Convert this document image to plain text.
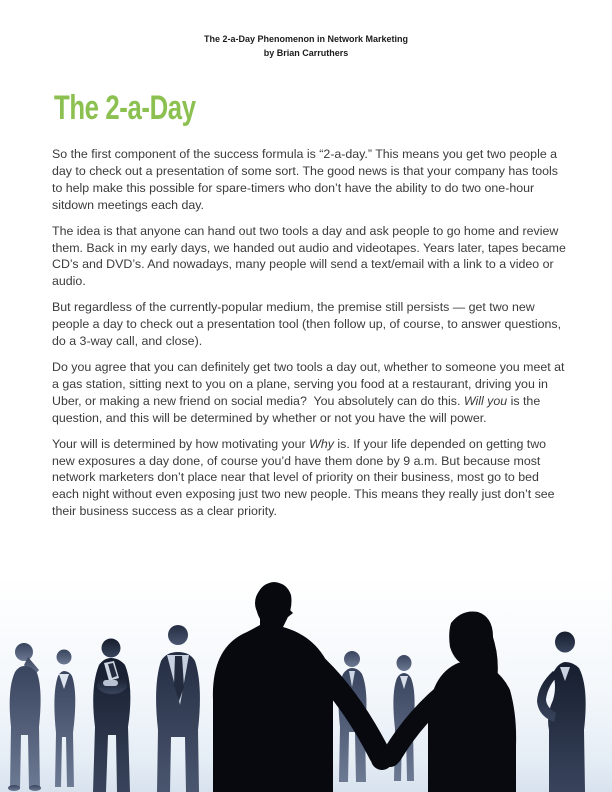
The 2-a-Day Phenomenon in Network Marketing
by Brian Carruthers
The 2-a-Day

So the first component of the success formula is “2-a-day.” This means you get two people a day to check out a presentation of some sort. The good news is that your company has tools to help make this possible for spare-timers who don’t have the ability to do two one-hour sitdown meetings each day.

The idea is that anyone can hand out two tools a day and ask people to go home and review them. Back in my early days, we handed out audio and videotapes. Years later, tapes became CD’s and DVD’s. And nowadays, many people will send a text/email with a link to a video or audio.

But regardless of the currently-popular medium, the premise still persists — get two new people a day to check out a presentation tool (then follow up, of course, to answer questions, do a 3-way call, and close).

Do you agree that you can definitely get two tools a day out, whether to someone you meet at a gas station, sitting next to you on a plane, serving you food at a restaurant, driving you in Uber, or making a new friend on social media?  You absolutely can do this. Will you is the question, and this will be determined by whether or not you have the will power.

Your will is determined by how motivating your Why is. If your life depended on getting two new exposures a day done, of course you’d have them done by 9 a.m. But because most network marketers don’t place near that level of priority on their business, most go to bed each night without even exposing just two new people. This means they really just don’t see their business success as a clear priority.
